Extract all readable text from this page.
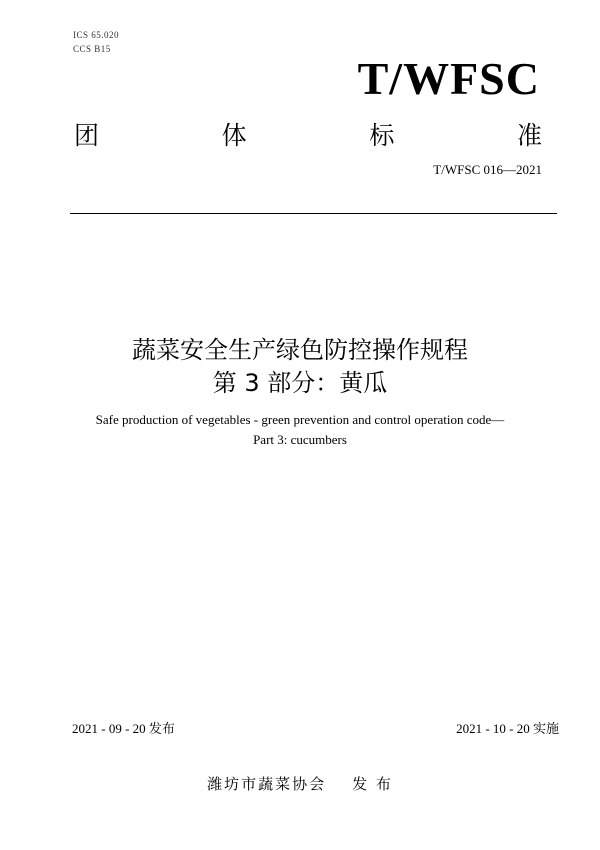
ICS 65.020
CCS B15
T/WFSC
团	体	标	准
T/WFSC 016—2021
蔬菜安全生产绿色防控操作规程
第 3 部分：黄瓜
Safe production of vegetables - green prevention and control operation code—
Part 3: cucumbers
2021 - 09 - 20 发布	2021 - 10 - 20 实施
潍坊市蔬菜协会 发 布
